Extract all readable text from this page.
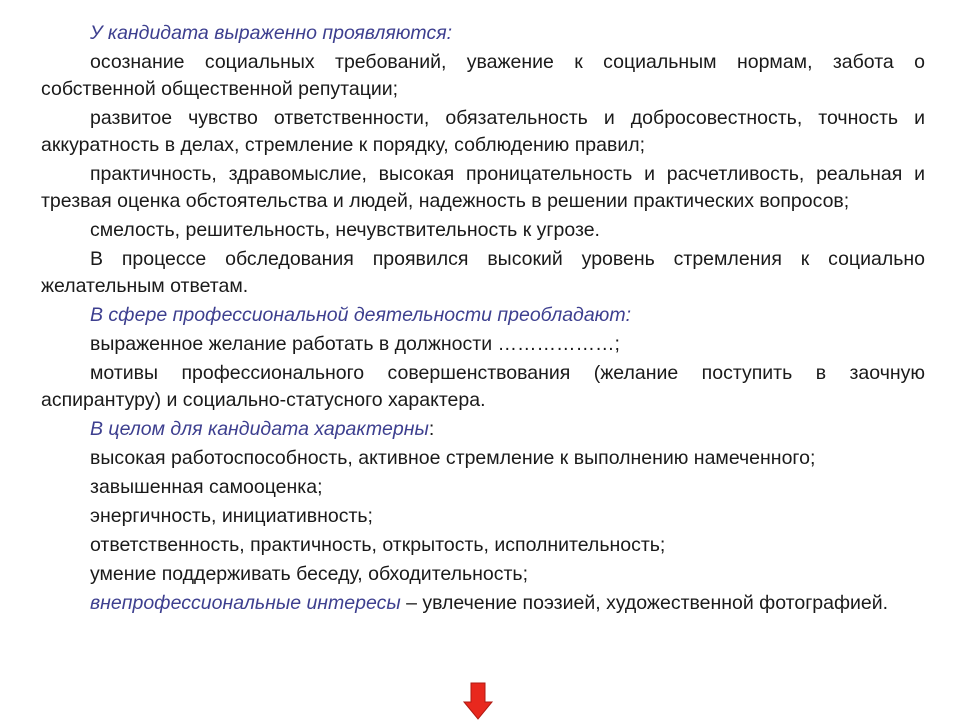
У кандидата выраженно проявляются:

осознание социальных требований, уважение к социальным нормам, забота о собственной общественной репутации;

развитое чувство ответственности, обязательность и добросовестность, точность и аккуратность в делах, стремление к порядку, соблюдению правил;

практичность, здравомыслие, высокая проницательность и расчетливость, реальная и трезвая оценка обстоятельства и людей, надежность в решении практических вопросов;

смелость, решительность, нечувствительность к угрозе.

В процессе обследования проявился высокий уровень стремления к социально желательным ответам.

В сфере профессиональной деятельности преобладают:

выраженное желание работать в должности ………………;

мотивы профессионального совершенствования (желание поступить в заочную аспирантуру) и социально-статусного характера.

В целом для кандидата характерны:

высокая работоспособность, активное стремление к выполнению намеченного;

завышенная самооценка;

энергичность, инициативность;

ответственность, практичность, открытость, исполнительность;

умение поддерживать беседу, обходительность;

внепрофессиональные интересы – увлечение поэзией, художественной фотографией.
